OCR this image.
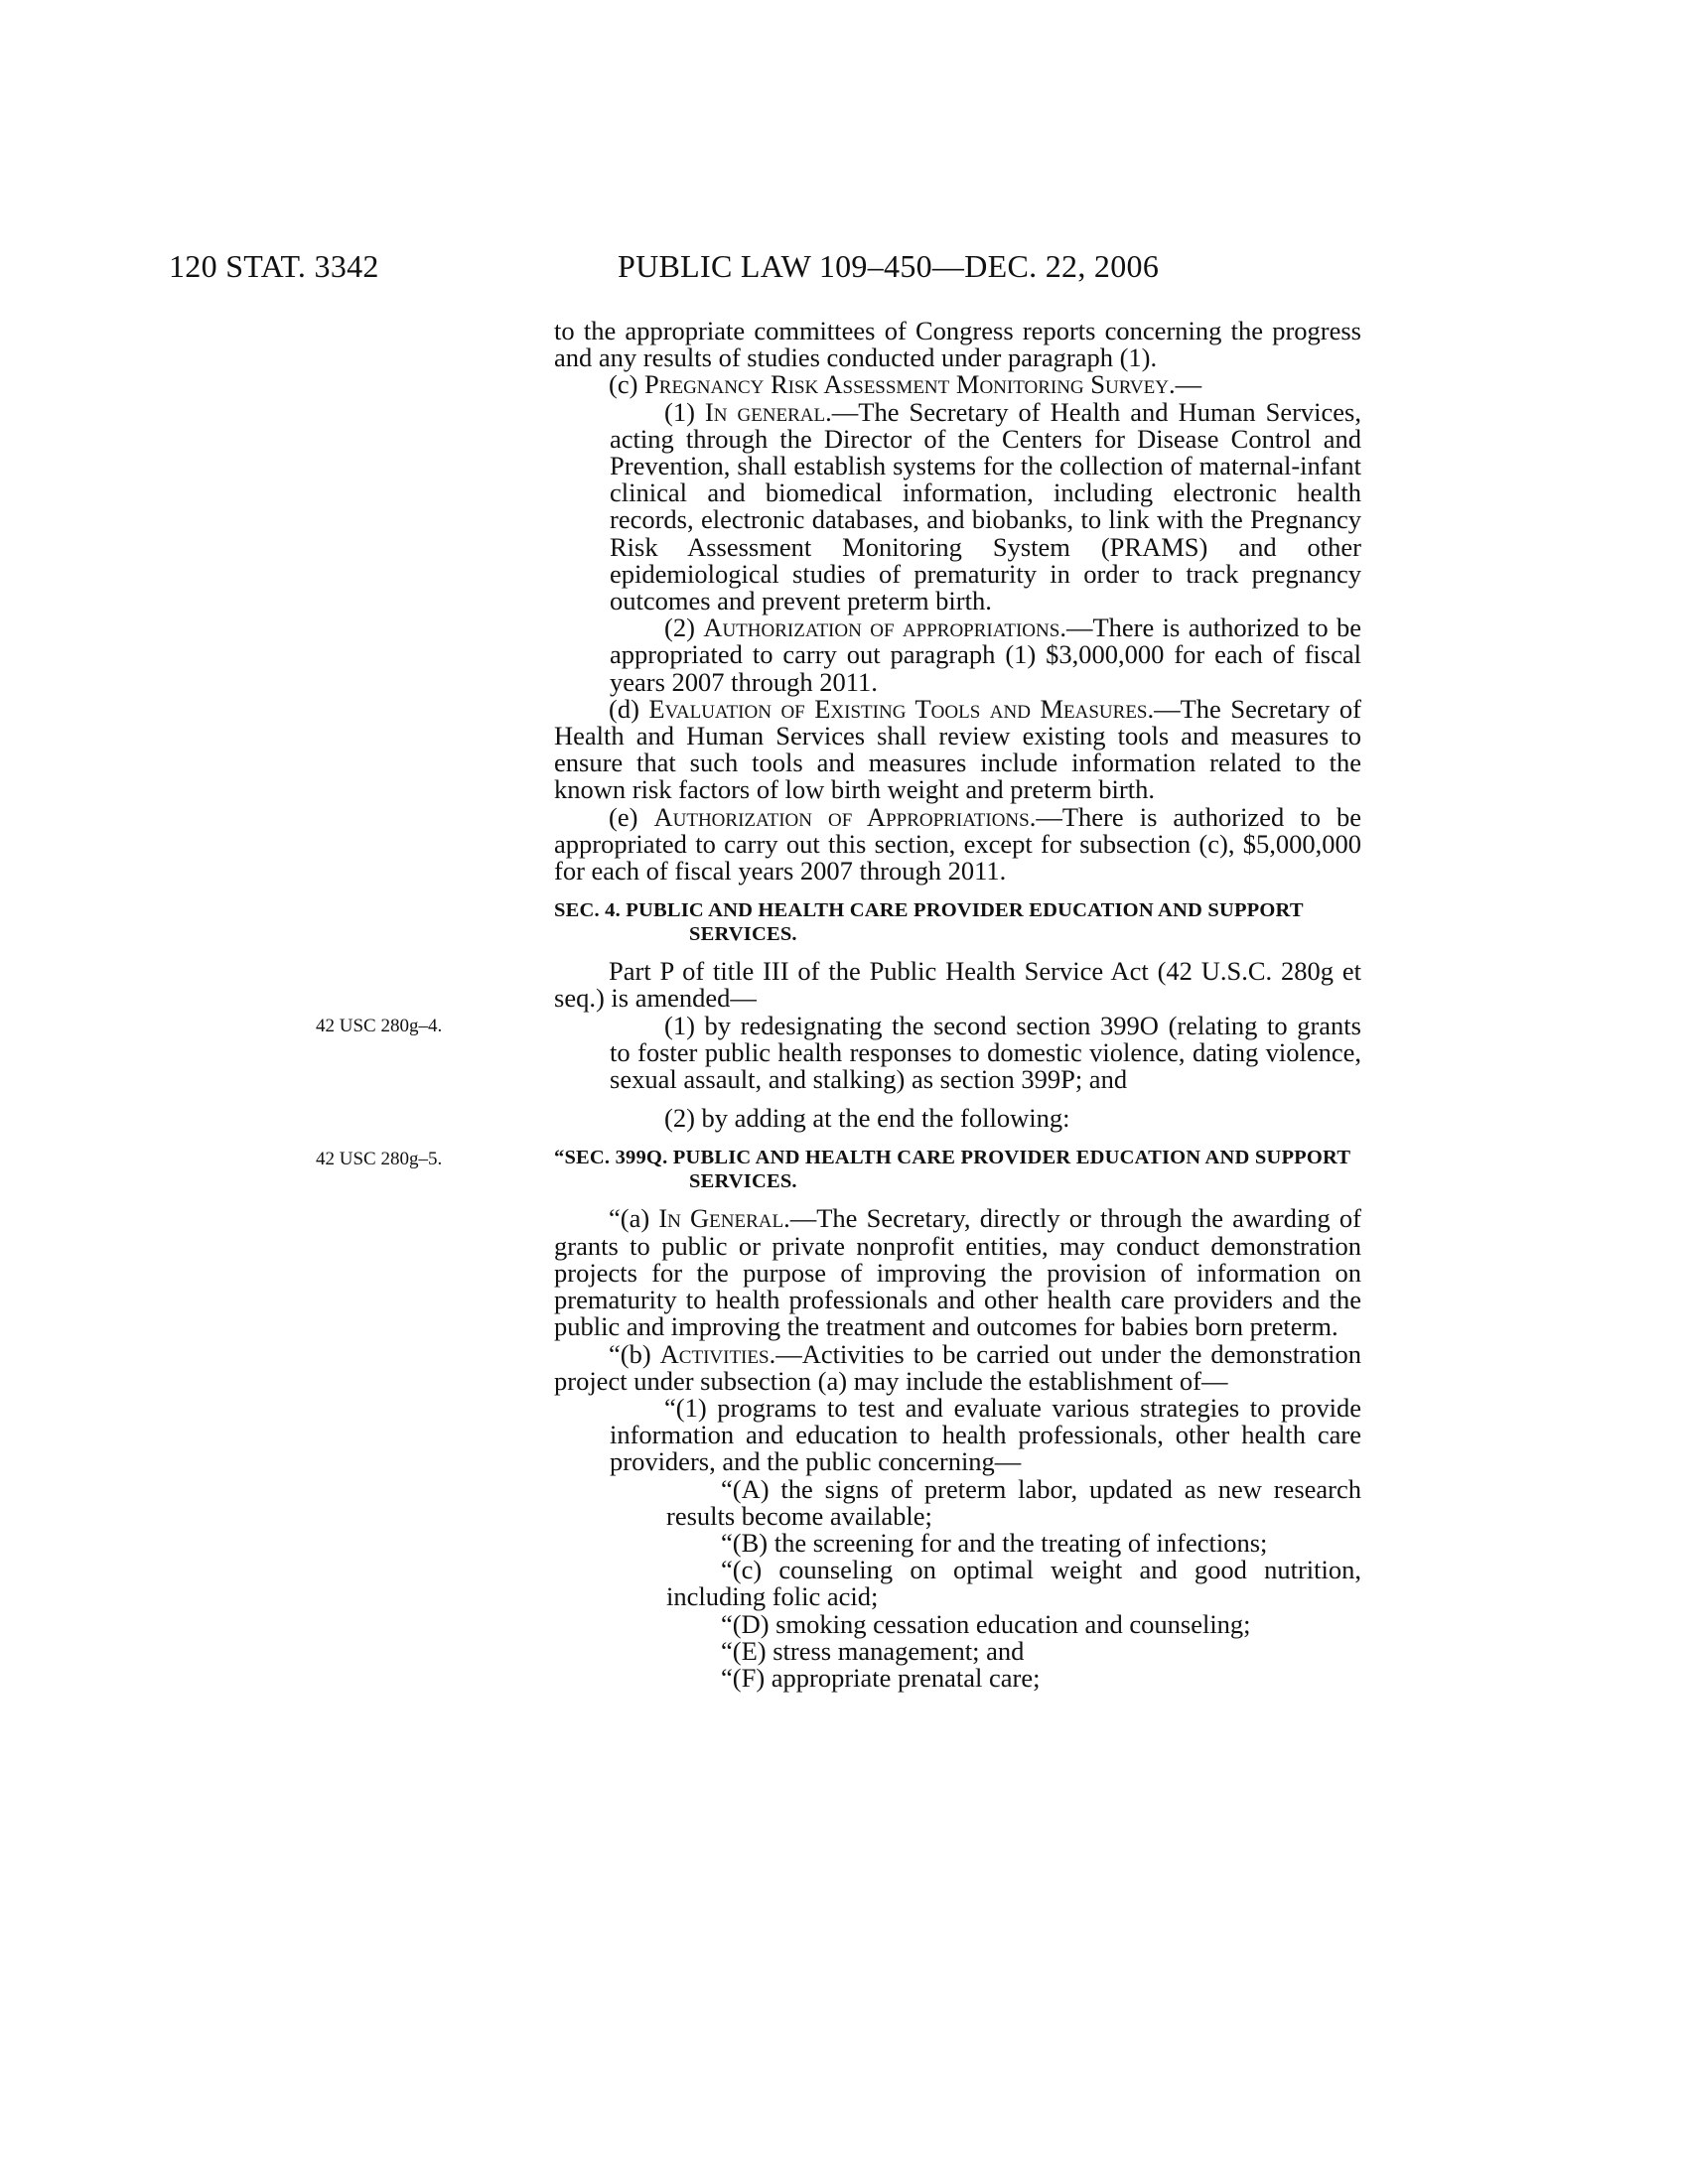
120 STAT. 3342	PUBLIC LAW 109–450—DEC. 22, 2006

to the appropriate committees of Congress reports concerning the progress and any results of studies conducted under paragraph (1).

(c) Pregnancy Risk Assessment Monitoring Survey.—

(1) In general.—The Secretary of Health and Human Services, acting through the Director of the Centers for Disease Control and Prevention, shall establish systems for the collection of maternal-infant clinical and biomedical information, including electronic health records, electronic databases, and biobanks, to link with the Pregnancy Risk Assessment Monitoring System (PRAMS) and other epidemiological studies of prematurity in order to track pregnancy outcomes and prevent preterm birth.

(2) Authorization of appropriations.—There is authorized to be appropriated to carry out paragraph (1) $3,000,000 for each of fiscal years 2007 through 2011.

(d) Evaluation of Existing Tools and Measures.—The Secretary of Health and Human Services shall review existing tools and measures to ensure that such tools and measures include information related to the known risk factors of low birth weight and preterm birth.

(e) Authorization of Appropriations.—There is authorized to be appropriated to carry out this section, except for subsection (c), $5,000,000 for each of fiscal years 2007 through 2011.

SEC. 4. PUBLIC AND HEALTH CARE PROVIDER EDUCATION AND SUPPORT SERVICES.

Part P of title III of the Public Health Service Act (42 U.S.C. 280g et seq.) is amended—

42 USC 280g–4.	(1) by redesignating the second section 399O (relating to grants to foster public health responses to domestic violence, dating violence, sexual assault, and stalking) as section 399P; and

(2) by adding at the end the following:

42 USC 280g–5.	“SEC. 399Q. PUBLIC AND HEALTH CARE PROVIDER EDUCATION AND SUPPORT SERVICES.

“(a) In General.—The Secretary, directly or through the awarding of grants to public or private nonprofit entities, may conduct demonstration projects for the purpose of improving the provision of information on prematurity to health professionals and other health care providers and the public and improving the treatment and outcomes for babies born preterm.

“(b) Activities.—Activities to be carried out under the demonstration project under subsection (a) may include the establishment of—

“(1) programs to test and evaluate various strategies to provide information and education to health professionals, other health care providers, and the public concerning—

“(A) the signs of preterm labor, updated as new research results become available;

“(B) the screening for and the treating of infections;

“(c) counseling on optimal weight and good nutrition, including folic acid;

“(D) smoking cessation education and counseling;

“(E) stress management; and

“(F) appropriate prenatal care;
